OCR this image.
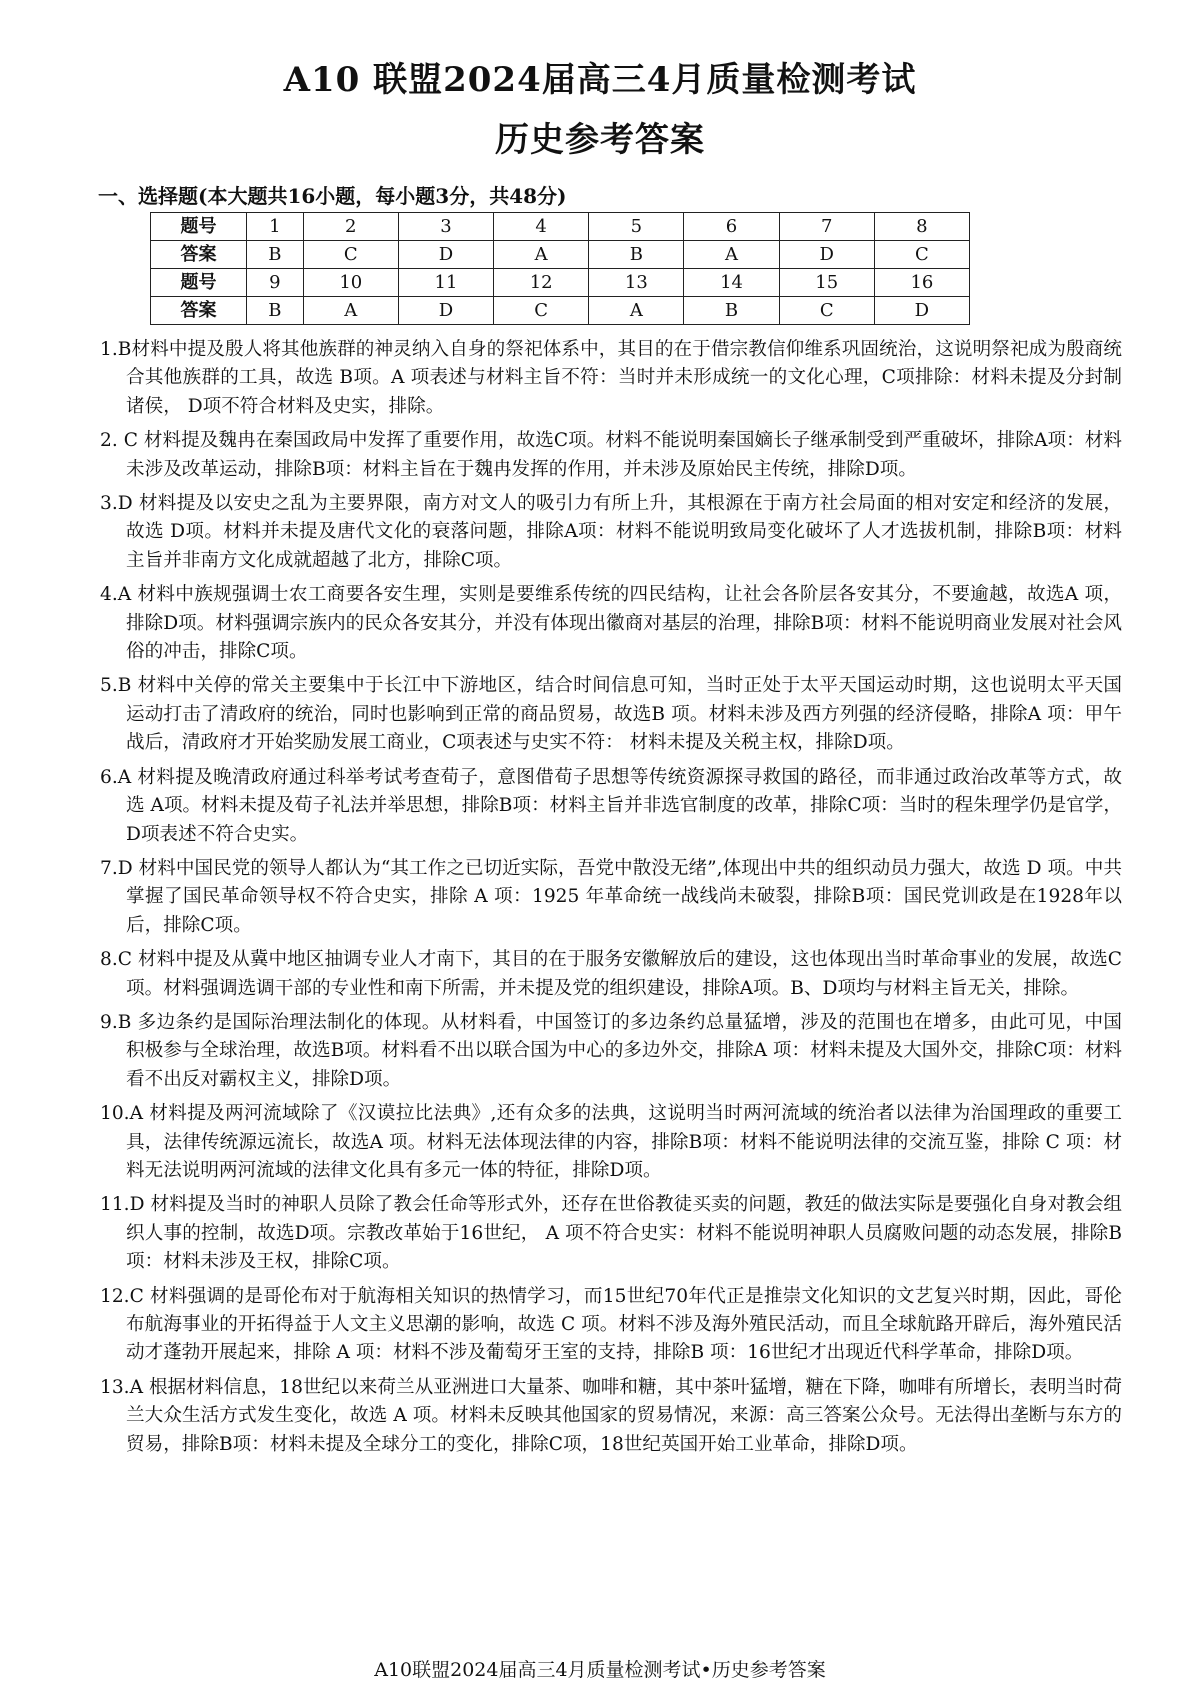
A10 联盟2024届高三4月质量检测考试
历史参考答案
一、选择题(本大题共16小题，每小题3分，共48分)
题号	1	2	3	4	5	6	7	8
答案	B	C	D	A	B	A	D	C
题号	9	10	11	12	13	14	15	16
答案	B	A	D	C	A	B	C	D
1.B材料中提及殷人将其他族群的神灵纳入自身的祭祀体系中，其目的在于借宗教信仰维系巩固统治，这说明祭祀成为殷商统合其他族群的工具，故选 B项。A 项表述与材料主旨不符：当时并未形成统一的文化心理，C项排除：材料未提及分封制诸侯， D项不符合材料及史实，排除。
2. C 材料提及魏冉在秦国政局中发挥了重要作用，故选C项。材料不能说明秦国嫡长子继承制受到严重破坏，排除A项：材料未涉及改革运动，排除B项：材料主旨在于魏冉发挥的作用，并未涉及原始民主传统，排除D项。
3.D 材料提及以安史之乱为主要界限，南方对文人的吸引力有所上升，其根源在于南方社会局面的相对安定和经济的发展，故选 D项。材料并未提及唐代文化的衰落问题，排除A项：材料不能说明致局变化破坏了人才选拔机制，排除B项：材料主旨并非南方文化成就超越了北方，排除C项。
4.A 材料中族规强调士农工商要各安生理，实则是要维系传统的四民结构，让社会各阶层各安其分，不要逾越，故选A 项，排除D项。材料强调宗族内的民众各安其分，并没有体现出徽商对基层的治理，排除B项：材料不能说明商业发展对社会风俗的冲击，排除C项。
5.B 材料中关停的常关主要集中于长江中下游地区，结合时间信息可知，当时正处于太平天国运动时期，这也说明太平天国运动打击了清政府的统治，同时也影响到正常的商品贸易，故选B 项。材料未涉及西方列强的经济侵略，排除A 项：甲午战后，清政府才开始奖励发展工商业，C项表述与史实不符： 材料未提及关税主权，排除D项。
6.A 材料提及晚清政府通过科举考试考查荀子，意图借荀子思想等传统资源探寻救国的路径，而非通过政治改革等方式，故选 A项。材料未提及荀子礼法并举思想，排除B项：材料主旨并非选官制度的改革，排除C项：当时的程朱理学仍是官学，D项表述不符合史实。
7.D 材料中国民党的领导人都认为“其工作之已切近实际，吾党中散没无绪”,体现出中共的组织动员力强大，故选 D 项。中共掌握了国民革命领导权不符合史实，排除 A 项：1925 年革命统一战线尚未破裂，排除B项：国民党训政是在1928年以后，排除C项。
8.C 材料中提及从冀中地区抽调专业人才南下，其目的在于服务安徽解放后的建设，这也体现出当时革命事业的发展，故选C 项。材料强调选调干部的专业性和南下所需，并未提及党的组织建设，排除A项。B、D项均与材料主旨无关，排除。
9.B 多边条约是国际治理法制化的体现。从材料看，中国签订的多边条约总量猛增，涉及的范围也在增多，由此可见，中国积极参与全球治理，故选B项。材料看不出以联合国为中心的多边外交，排除A 项：材料未提及大国外交，排除C项：材料看不出反对霸权主义，排除D项。
10.A 材料提及两河流域除了《汉谟拉比法典》,还有众多的法典，这说明当时两河流域的统治者以法律为治国理政的重要工具，法律传统源远流长，故选A 项。材料无法体现法律的内容，排除B项：材料不能说明法律的交流互鉴，排除 C 项：材料无法说明两河流域的法律文化具有多元一体的特征，排除D项。
11.D 材料提及当时的神职人员除了教会任命等形式外，还存在世俗教徒买卖的问题，教廷的做法实际是要强化自身对教会组织人事的控制，故选D项。宗教改革始于16世纪， A 项不符合史实：材料不能说明神职人员腐败问题的动态发展，排除B项：材料未涉及王权，排除C项。
12.C 材料强调的是哥伦布对于航海相关知识的热情学习，而15世纪70年代正是推崇文化知识的文艺复兴时期，因此，哥伦布航海事业的开拓得益于人文主义思潮的影响，故选 C 项。材料不涉及海外殖民活动，而且全球航路开辟后，海外殖民活动才蓬勃开展起来，排除 A 项：材料不涉及葡萄牙王室的支持，排除B 项：16世纪才出现近代科学革命，排除D项。
13.A 根据材料信息，18世纪以来荷兰从亚洲进口大量茶、咖啡和糖，其中茶叶猛增，糖在下降，咖啡有所增长，表明当时荷兰大众生活方式发生变化，故选 A 项。材料未反映其他国家的贸易情况，来源：高三答案公众号。无法得出垄断与东方的贸易，排除B项：材料未提及全球分工的变化，排除C项，18世纪英国开始工业革命，排除D项。
A10联盟2024届高三4月质量检测考试•历史参考答案
